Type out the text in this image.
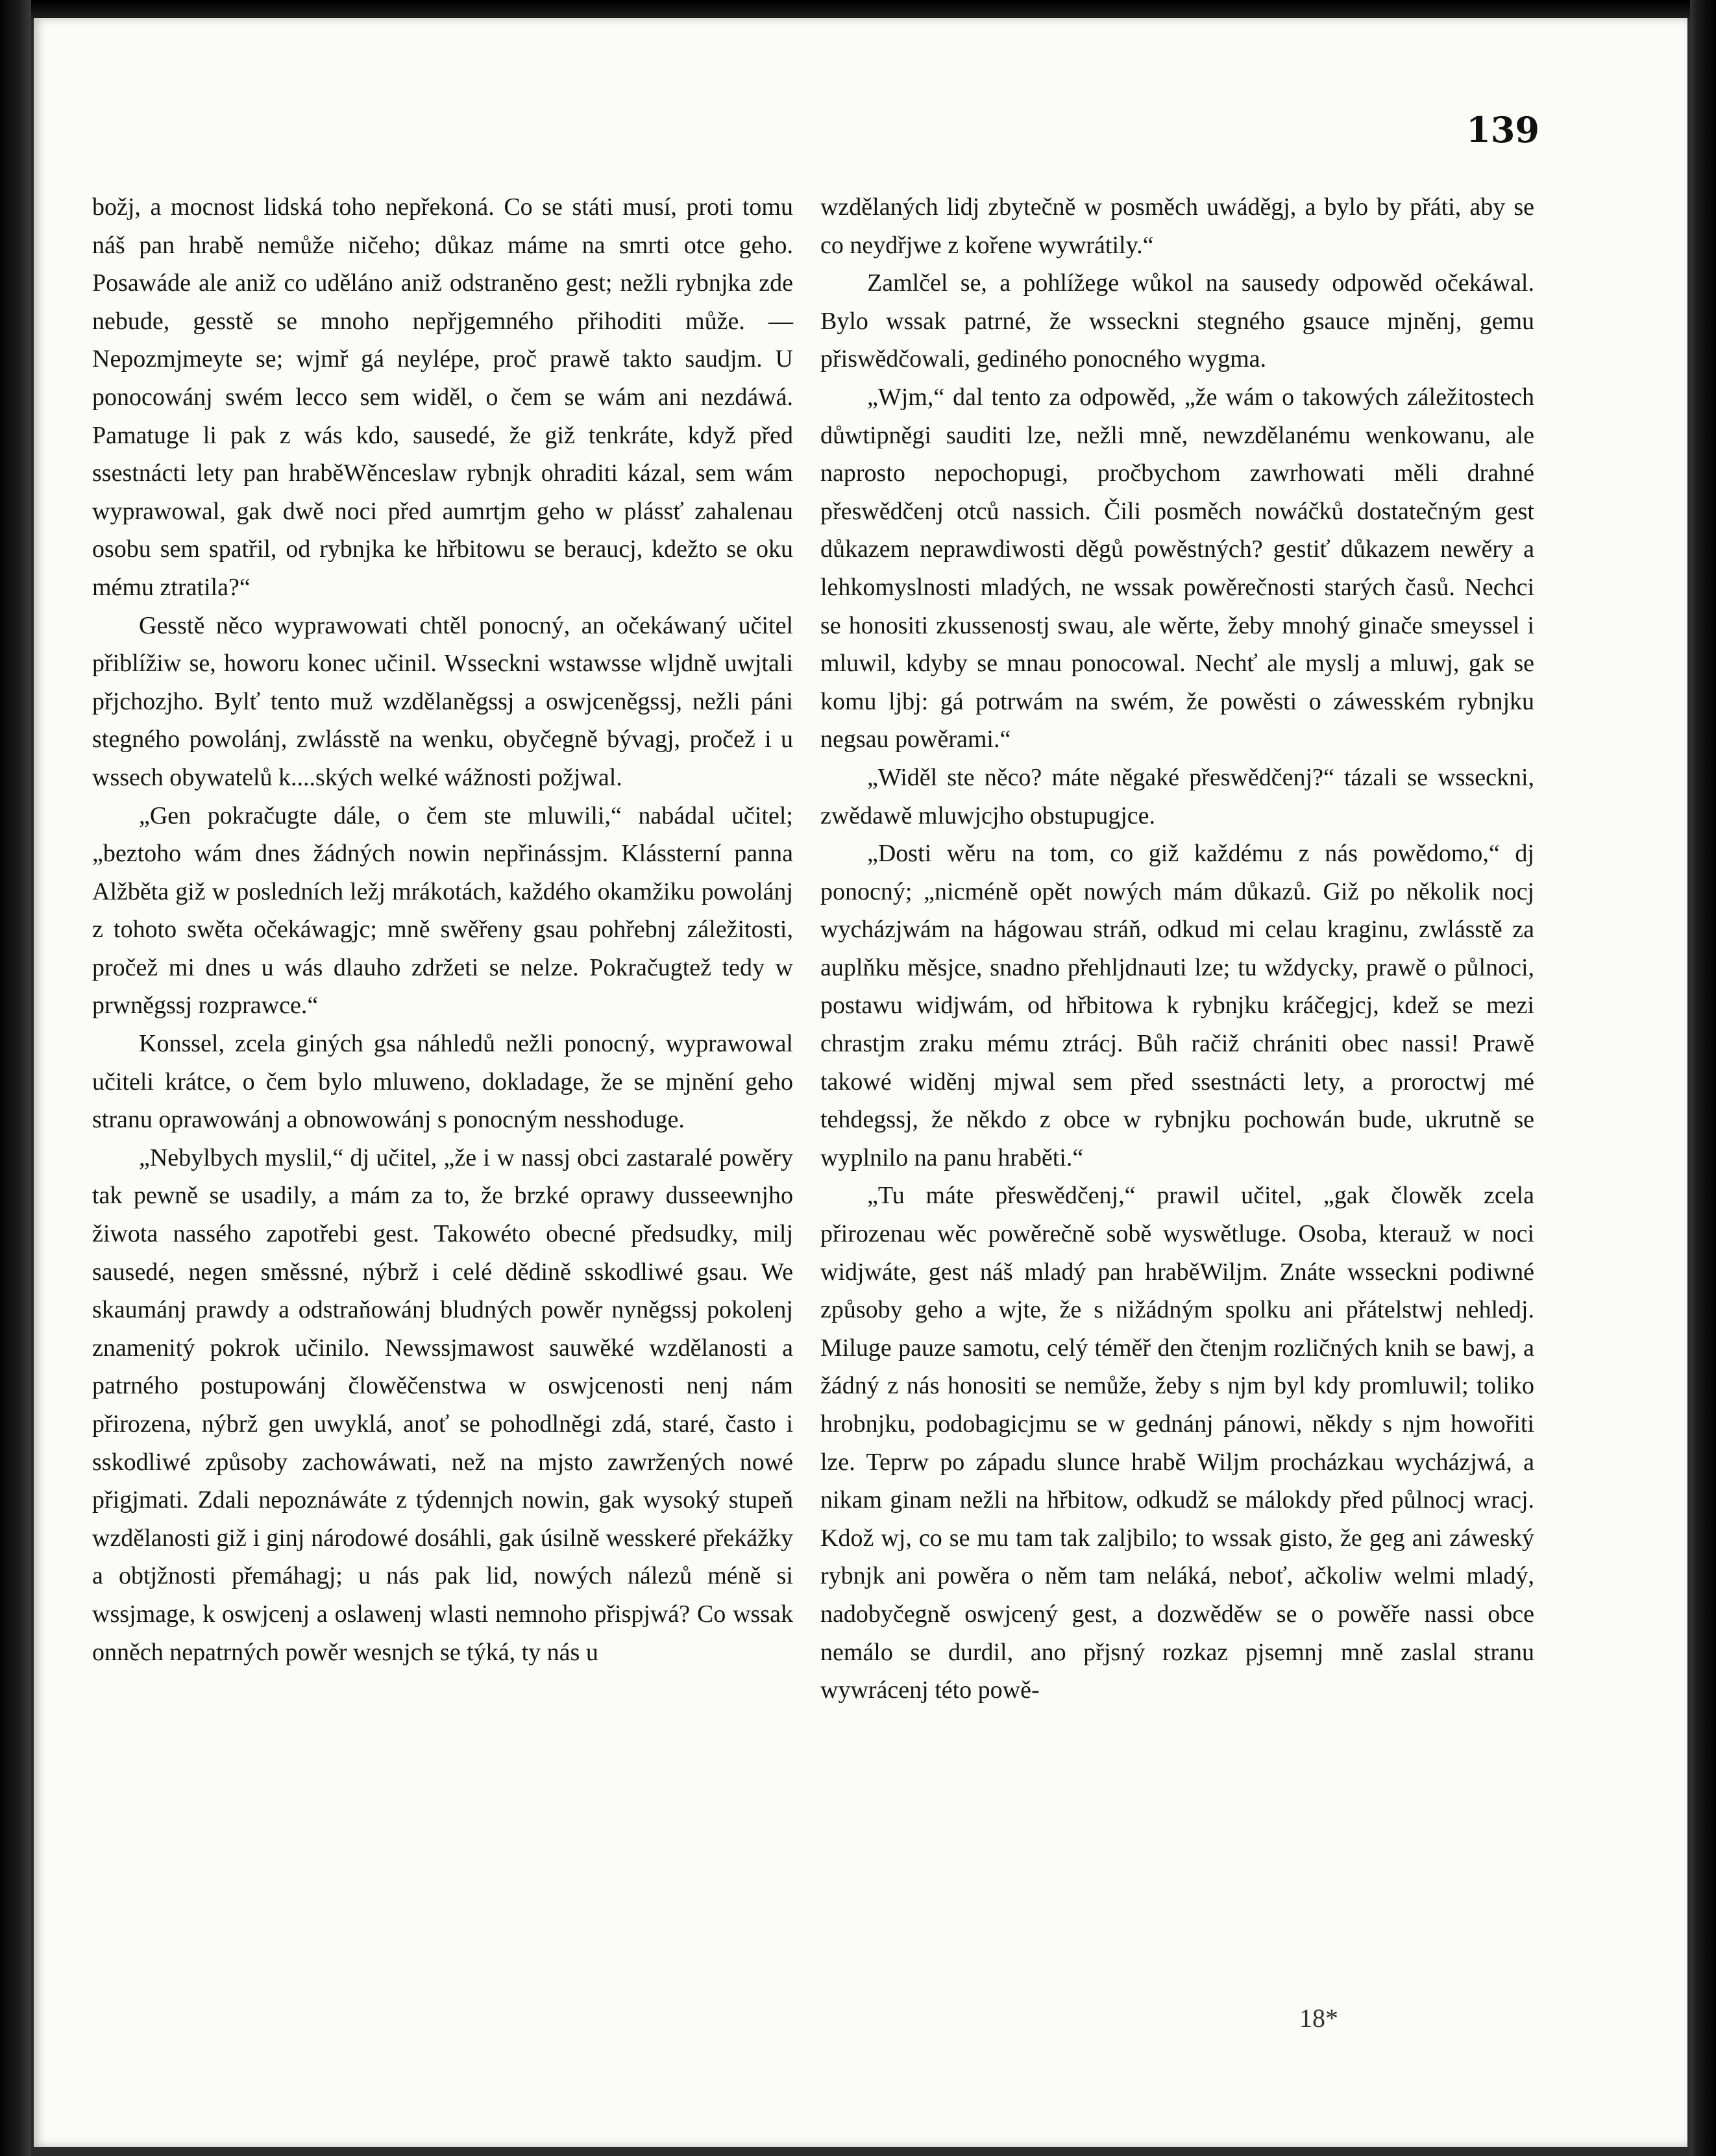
139

božj, a mocnost lidská toho nepřekoná. Co se státi musí, proti tomu náš pan hrabě nemůže ničeho; důkaz máme na smrti otce geho. Posawáde ale aniž co uděláno aniž odstraněno gest; nežli rybnjka zde nebude, gesstě se mnoho nepřjgemného přihoditi může. — Nepozmjmeyte se; wjmř gá neylépe, proč prawě takto saudjm. U ponocowánj swém lecco sem widěl, o čem se wám ani nezdáwá. Pamatuge li pak z wás kdo, sausedé, že giž tenkráte, když před ssestnácti lety pan hraběWěnceslaw rybnjk ohraditi kázal, sem wám wyprawowal, gak dwě noci před aumrtjm geho w plássť zahalenau osobu sem spatřil, od rybnjka ke hřbitowu se beraucj, kdežto se oku mému ztratila?“

Gesstě něco wyprawowati chtěl ponocný, an očekáwaný učitel přiblížiw se, howoru konec učinil. Wsseckni wstawsse wljdně uwjtali přjchozjho. Bylť tento muž wzdělaněgssj a oswjceněgssj, nežli páni stegného powolánj, zwlásstě na wenku, obyčegně bývagj, pročež i u wssech obywatelů k....ských welké wážnosti požjwal.

„Gen pokračugte dále, o čem ste mluwili,“ nabádal učitel; „beztoho wám dnes žádných nowin nepřinássjm. Klássterní panna Alžběta giž w posledních ležj mrákotách, každého okamžiku powolánj z tohoto swěta očekáwagjc; mně swěřeny gsau pohřebnj záležitosti, pročež mi dnes u wás dlauho zdržeti se nelze. Pokračugtež tedy w prwněgssj rozprawce.“

Konssel, zcela giných gsa náhledů nežli ponocný, wyprawowal učiteli krátce, o čem bylo mluweno, dokladage, že se mjnění geho stranu oprawowánj a obnowowánj s ponocným nesshoduge.

„Nebylbych myslil,“ dj učitel, „že i w nassj obci zastaralé powěry tak pewně se usadily, a mám za to, že brzké oprawy dusseewnjho žiwota nassého zapotřebi gest. Takowéto obecné předsudky, milj sausedé, negen směssné, nýbrž i celé dědině sskodliwé gsau. We skaumánj prawdy a odstraňowánj bludných powěr nyněgssj pokolenj znamenitý pokrok učinilo. Newssjmawost sauwěké wzdělanosti a patrného postupowánj člowěčenstwa w oswjcenosti nenj nám přirozena, nýbrž gen uwyklá, anoť se pohodlněgi zdá, staré, často i sskodliwé způsoby zachowáwati, než na mjsto zawržených nowé přigjmati. Zdali nepoznáwáte z týdennjch nowin, gak wysoký stupeň wzdělanosti giž i ginj národowé dosáhli, gak úsilně wesskeré překážky a obtjžnosti přemáhagj; u nás pak lid, nowých nálezů méně si wssjmage, k oswjcenj a oslawenj wlasti nemnoho přispjwá? Co wssak onněch nepatrných powěr wesnjch se týká, ty nás u

wzdělaných lidj zbytečně w posměch uwáděgj, a bylo by přáti, aby se co neydřjwe z kořene wywrátily.“

Zamlčel se, a pohlížege wůkol na sausedy odpowěd očekáwal. Bylo wssak patrné, že wsseckni stegného gsauce mjněnj, gemu přiswědčowali, gediného ponocného wygma.

„Wjm,“ dal tento za odpowěd, „že wám o takowých záležitostech důwtipněgi sauditi lze, nežli mně, newzdělanému wenkowanu, ale naprosto nepochopugi, pročbychom zawrhowati měli drahné přeswědčenj otců nassich. Čili posměch nowáčků dostatečným gest důkazem neprawdiwosti děgů powěstných? gestiť důkazem newěry a lehkomyslnosti mladých, ne wssak powěrečnosti starých časů. Nechci se honositi zkussenostj swau, ale wěrte, žeby mnohý ginače smeyssel i mluwil, kdyby se mnau ponocowal. Nechť ale myslj a mluwj, gak se komu ljbj: gá potrwám na swém, že powěsti o záwesském rybnjku negsau powěrami.“

„Widěl ste něco? máte něgaké přeswědčenj?“ tázali se wsseckni, zwědawě mluwjcjho obstupugjce.

„Dosti wěru na tom, co giž každému z nás powědomo,“ dj ponocný; „nicméně opět nowých mám důkazů. Giž po několik nocj wycházjwám na hágowau stráň, odkud mi celau kraginu, zwlásstě za auplňku měsjce, snadno přehljdnauti lze; tu wždycky, prawě o půlnoci, postawu widjwám, od hřbitowa k rybnjku kráčegjcj, kdež se mezi chrastjm zraku mému ztrácj. Bůh račiž chrániti obec nassi! Prawě takowé widěnj mjwal sem před ssestnácti lety, a proroctwj mé tehdegssj, že někdo z obce w rybnjku pochowán bude, ukrutně se wyplnilo na panu hraběti.“

„Tu máte přeswědčenj,“ prawil učitel, „gak člowěk zcela přirozenau wěc powěrečně sobě wyswětluge. Osoba, kterauž w noci widjwáte, gest náš mladý pan hraběWiljm. Znáte wsseckni podiwné způsoby geho a wjte, že s nižádným spolku ani přátelstwj nehledj. Miluge pauze samotu, celý téměř den čtenjm rozličných knih se bawj, a žádný z nás honositi se nemůže, žeby s njm byl kdy promluwil; toliko hrobnjku, podobagicjmu se w gednánj pánowi, někdy s njm howořiti lze. Teprw po západu slunce hrabě Wiljm procházkau wycházjwá, a nikam ginam nežli na hřbitow, odkudž se málokdy před půlnocj wracj. Kdož wj, co se mu tam tak zaljbilo; to wssak gisto, že geg ani záweský rybnjk ani powěra o něm tam neláká, neboť, ačkoliw welmi mladý, nadobyčegně oswjcený gest, a dozwěděw se o powěře nassi obce nemálo se durdil, ano přjsný rozkaz pjsemnj mně zaslal stranu wywrácenj této powě-

18*
